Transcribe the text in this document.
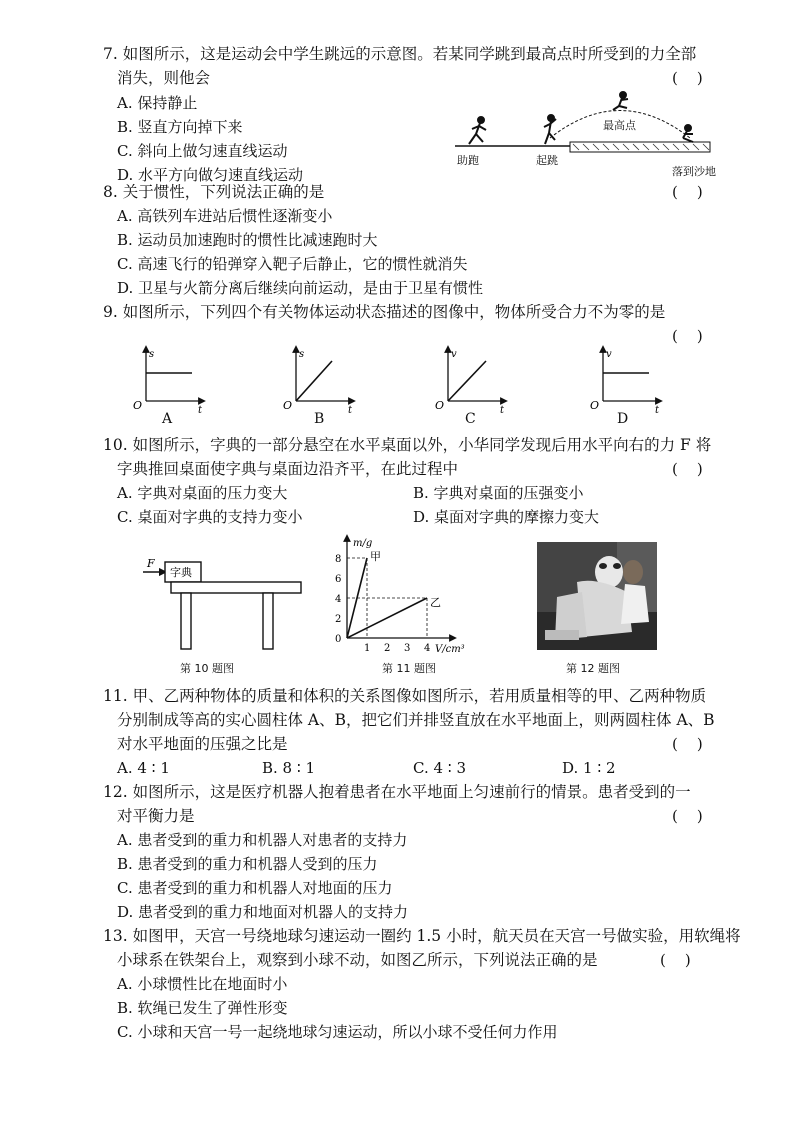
7. 如图所示，这是运动会中学生跳远的示意图。若某同学跳到最高点时所受到的力全部
消失，则他会	(    )
A. 保持静止
B. 竖直方向掉下来
C. 斜向上做匀速直线运动
D. 水平方向做匀速直线运动
助跑	起跳
最高点
落到沙地
8. 关于惯性，下列说法正确的是	(    )
A. 高铁列车进站后惯性逐渐变小
B. 运动员加速跑时的惯性比减速跑时大
C. 高速飞行的铅弹穿入靶子后静止，它的惯性就消失
D. 卫星与火箭分离后继续向前运动，是由于卫星有惯性
9. 如图所示，下列四个有关物体运动状态描述的图像中，物体所受合力不为零的是
(    )
s
t
O
A
s
t
O
B
v
t
O
C
v
t
O
D
10. 如图所示，字典的一部分悬空在水平桌面以外，小华同学发现后用水平向右的力 F 将
字典推回桌面使字典与桌面边沿齐平，在此过程中	(    )
A. 字典对桌面的压力变大	B. 字典对桌面的压强变小
C. 桌面对字典的支持力变小	D. 桌面对字典的摩擦力变大
F
字典
第 10 题图
m/g
V/cm³
0
2
4
6
8
1 2 3 4
甲
乙
第 11 题图	第 12 题图
11. 甲、乙两种物体的质量和体积的关系图像如图所示，若用质量相等的甲、乙两种物质
分别制成等高的实心圆柱体 A、B，把它们并排竖直放在水平地面上，则两圆柱体 A、B
对水平地面的压强之比是	(    )
A. 4 ∶ 1	B. 8 ∶ 1	C. 4 ∶ 3	D. 1 ∶ 2
12. 如图所示，这是医疗机器人抱着患者在水平地面上匀速前行的情景。患者受到的一
对平衡力是	(    )
A. 患者受到的重力和机器人对患者的支持力
B. 患者受到的重力和机器人受到的压力
C. 患者受到的重力和机器人对地面的压力
D. 患者受到的重力和地面对机器人的支持力
13. 如图甲，天宫一号绕地球匀速运动一圈约 1.5 小时，航天员在天宫一号做实验，用软绳将
小球系在铁架台上，观察到小球不动，如图乙所示，下列说法正确的是	(    )
A. 小球惯性比在地面时小
B. 软绳已发生了弹性形变
C. 小球和天宫一号一起绕地球匀速运动，所以小球不受任何力作用
